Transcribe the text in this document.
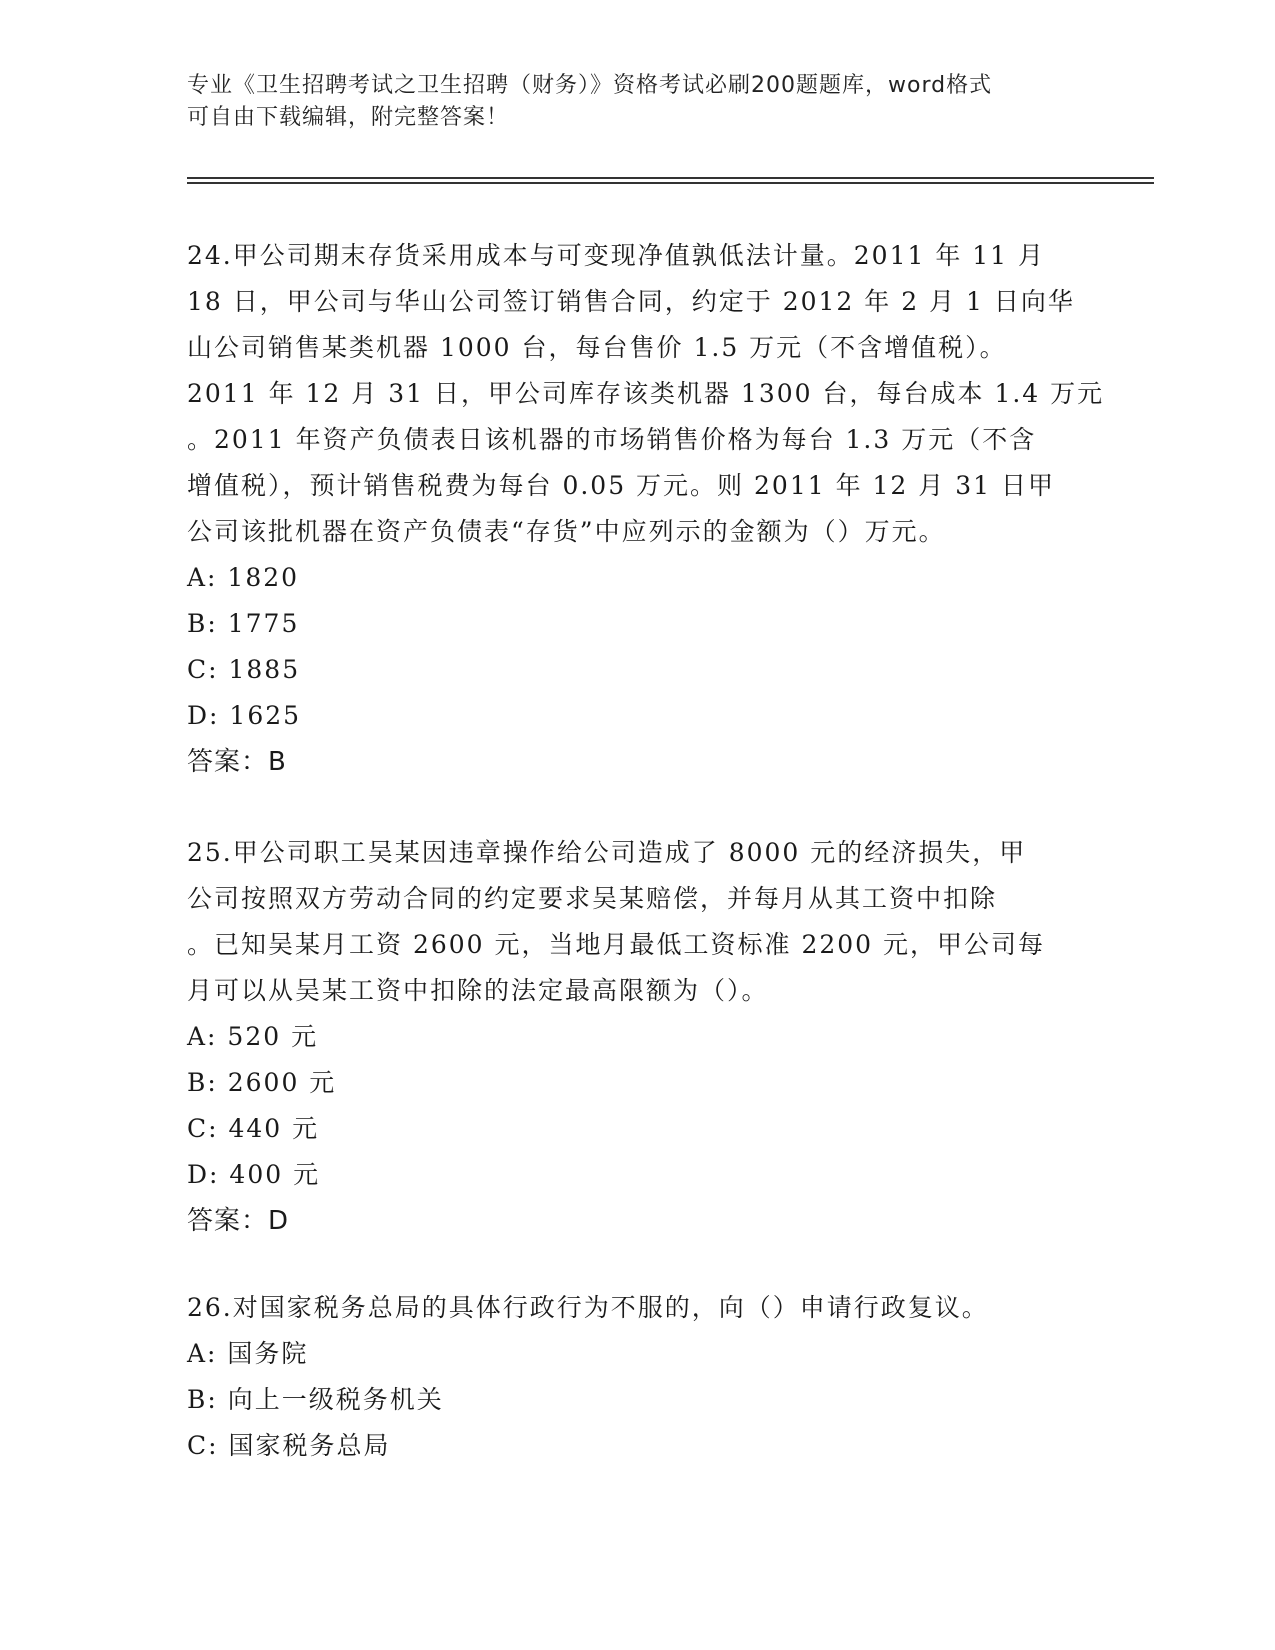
专业《卫生招聘考试之卫生招聘（财务）》资格考试必刷200题题库，word格式

可自由下载编辑，附完整答案！

24.甲公司期末存货采用成本与可变现净值孰低法计量。2011 年 11 月

18 日，甲公司与华山公司签订销售合同，约定于 2012 年 2 月 1 日向华

山公司销售某类机器 1000 台，每台售价 1.5 万元（不含增值税）。

2011 年 12 月 31 日，甲公司库存该类机器 1300 台，每台成本 1.4 万元

。2011 年资产负债表日该机器的市场销售价格为每台 1.3 万元（不含

增值税），预计销售税费为每台 0.05 万元。则 2011 年 12 月 31 日甲

公司该批机器在资产负债表“存货”中应列示的金额为（）万元。

A: 1820

B: 1775

C: 1885

D: 1625

答案：B

25.甲公司职工吴某因违章操作给公司造成了 8000 元的经济损失，甲

公司按照双方劳动合同的约定要求吴某赔偿，并每月从其工资中扣除

。已知吴某月工资 2600 元，当地月最低工资标准 2200 元，甲公司每

月可以从吴某工资中扣除的法定最高限额为（）。

A: 520 元

B: 2600 元

C: 440 元

D: 400 元

答案：D

26.对国家税务总局的具体行政行为不服的，向（）申请行政复议。

A: 国务院

B: 向上一级税务机关

C: 国家税务总局
